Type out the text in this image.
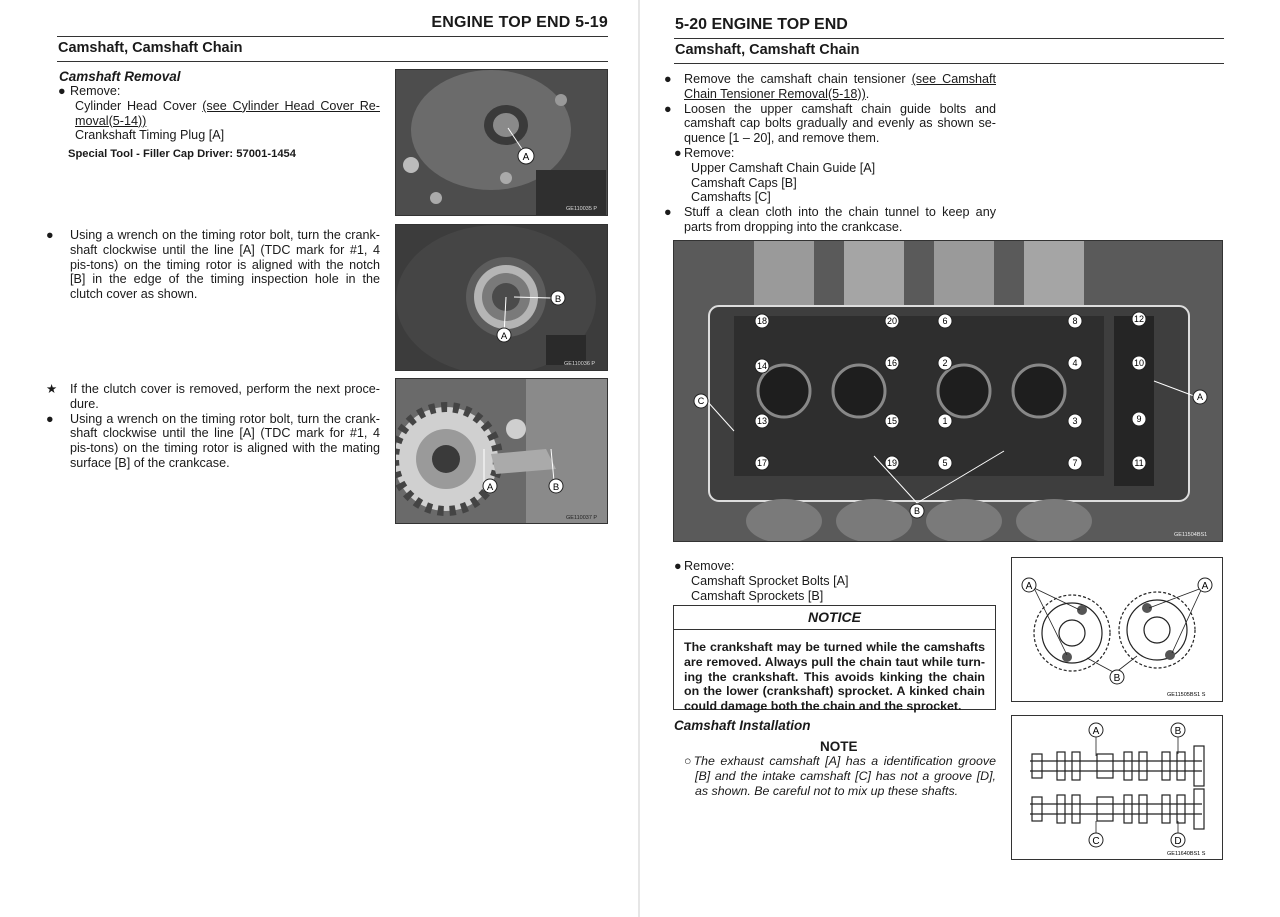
ENGINE TOP END 5-19
Camshaft, Camshaft Chain
Camshaft Removal

● Remove:

Cylinder Head Cover (see Cylinder Head Cover Re-moval(5-14))

Crankshaft Timing Plug [A]

Special Tool - Filler Cap Driver: 57001-1454

● Using a wrench on the timing rotor bolt, turn the crank-shaft clockwise until the line [A] (TDC mark for #1, 4 pis-tons) on the timing rotor is aligned with the notch [B] in the edge of the timing inspection hole in the clutch cover as shown.

★ If the clutch cover is removed, perform the next proce-dure.

● Using a wrench on the timing rotor bolt, turn the crank-shaft clockwise until the line [A] (TDC mark for #1, 4 pis-tons) on the timing rotor is aligned with the mating surface [B] of the crankcase.

A
GE110035 P
A
B
GE110036 P
A	B
GE110037 P
5-20 ENGINE TOP END
Camshaft, Camshaft Chain

● Remove the camshaft chain tensioner (see Camshaft Chain Tensioner Removal(5-18)).

● Loosen the upper camshaft chain guide bolts and camshaft cap bolts gradually and evenly as shown se-quence [1 – 20], and remove them.

● Remove:

Upper Camshaft Chain Guide [A]

Camshaft Caps [B]

Camshafts [C]

● Stuff a clean cloth into the chain tunnel to keep any parts from dropping into the crankcase.

18	20	6	8	12
14	16	2	4	10
13	15	1	3	9
17	19	5	7	11
C	A
B
GE11504BS1

● Remove:

Camshaft Sprocket Bolts [A]

Camshaft Sprockets [B]

NOTICE
The crankshaft may be turned while the camshafts are removed. Always pull the chain taut while turn-ing the crankshaft. This avoids kinking the chain on the lower (crankshaft) sprocket. A kinked chain could damage both the chain and the sprocket.
Camshaft Installation
NOTE
○The exhaust camshaft [A] has a identification groove [B] and the intake camshaft [C] has not a groove [D], as shown. Be careful not to mix up these shafts.
A	A
B
GE11505BS1 S
A	B
C	D
GE11640BS1 S
